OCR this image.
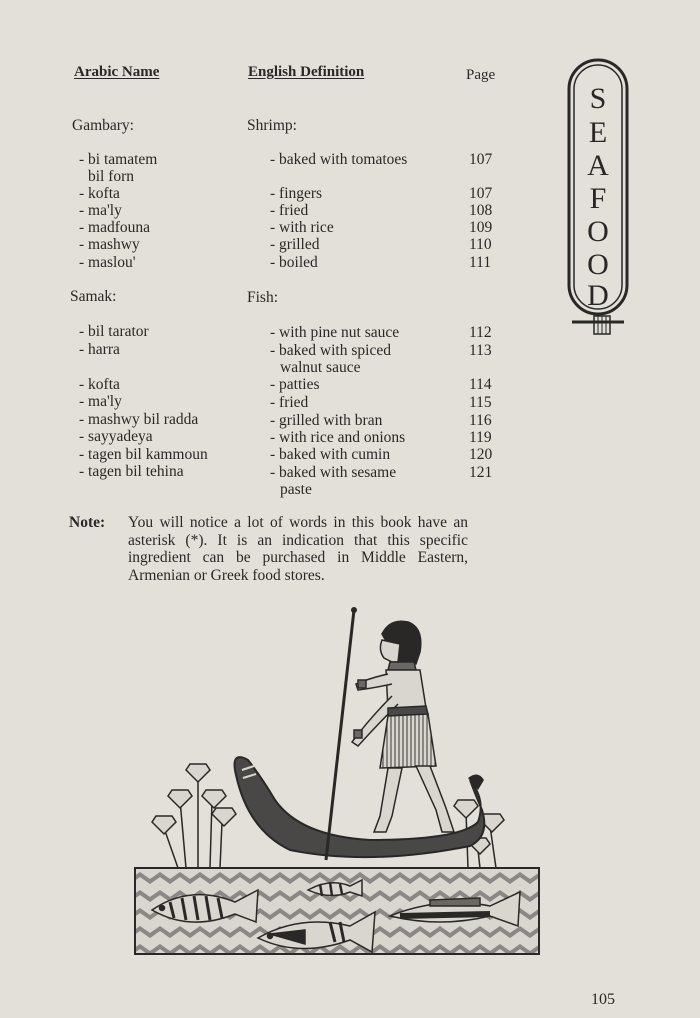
Arabic Name	English Definition	Page
Gambary:	Shrimp:
- bi tamatem	- baked with tomatoes	107
bil forn
- kofta	- fingers	107
- ma'ly	- fried	108
- madfouna	- with rice	109
- mashwy	- grilled	110
- maslou'	- boiled	111
Samak:	Fish:
- bil tarator	- with pine nut sauce	112
- harra	- baked with spiced	113
walnut sauce
- kofta	- patties	114
- ma'ly	- fried	115
- mashwy bil radda	- grilled with bran	116
- sayyadeya	- with rice and onions	119
- tagen bil kammoun	- baked with cumin	120
- tagen bil tehina	- baked with sesame	121
paste
Note: You will notice a lot of words in this book have an asterisk (*). It is an indication that this specific ingredient can be purchased in Middle Eastern, Armenian or Greek food stores.
S
E
A
F
O
O
D
105
